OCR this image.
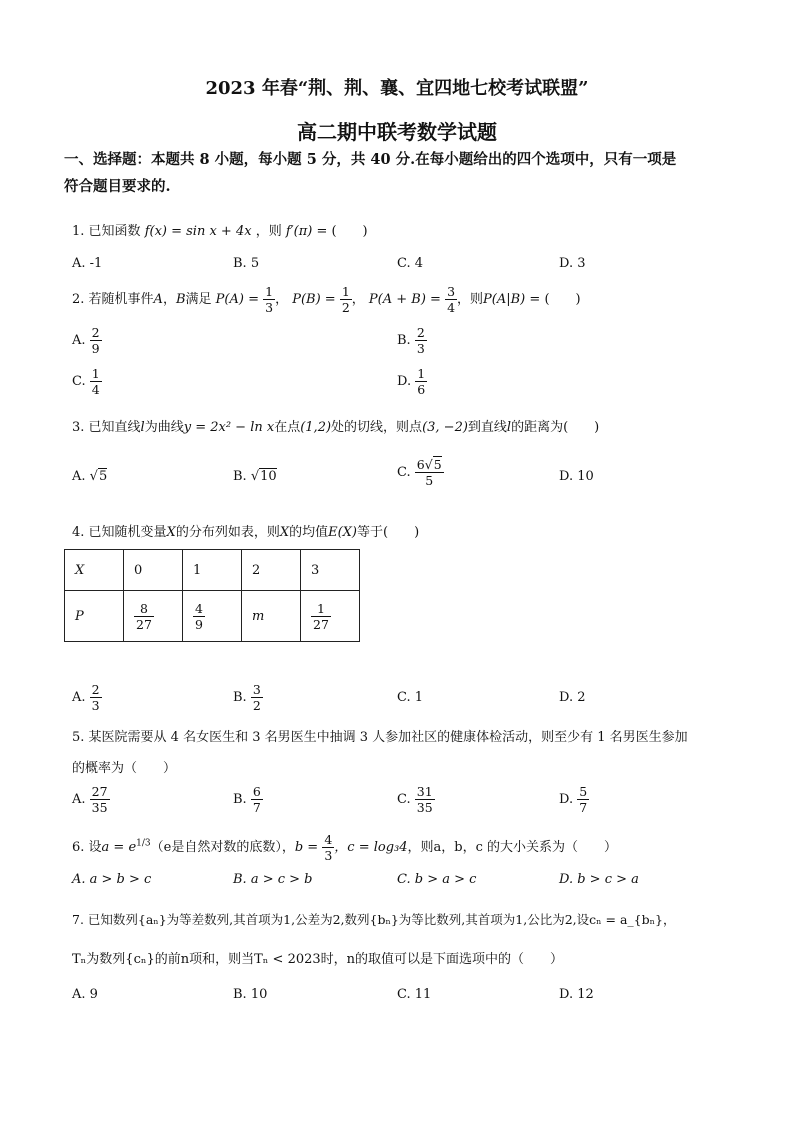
2023 年春“荆、荆、襄、宜四地七校考试联盟”
高二期中联考数学试题
一、选择题：本题共 8 小题，每小题 5 分，共 40 分.在每小题给出的四个选项中，只有一项是
符合题目要求的.
1. 已知函数 f(x) = sin x + 4x ，则 f′(π) = (　　)
A. -1	B. 5	C. 4	D. 3
2. 若随机事件A，B满足 $P(A) = \frac{1}{3}$ ， $P(B) = \frac{1}{2}$ ， $P(A + B) = \frac{3}{4}$ ，则P(A|B) = (　　)
A. $\frac{2}{9}$	B. $\frac{2}{3}$
C. $\frac{1}{4}$	D. $\frac{1}{6}$
3. 已知直线l为曲线y = 2x² − ln x在点(1,2)处的切线，则点(3, −2)到直线l的距离为(　　)
A. √5	B. √10	C. $\frac{6√5}{5}$	D. 10
4. 已知随机变量X的分布列如表，则X的均值E(X)等于(　　)
X	0	1	2	3
P	$\frac{8}{27}$	$\frac{4}{9}$	m	$\frac{1}{27}$
A. $\frac{2}{3}$	B. $\frac{3}{2}$	C. 1	D. 2
5. 某医院需要从 4 名女医生和 3 名男医生中抽调 3 人参加社区的健康体检活动，则至少有 1 名男医生参加
的概率为（　　）
A. $\frac{27}{35}$	B. $\frac{6}{7}$	C. $\frac{31}{35}$	D. $\frac{5}{7}$
6. 设$a = e^{1/3}(e$是自然对数的底数），$b = \frac{4}{3}$ ，c = log₃4，则a，b，c 的大小关系为（　　）
A. a > b > c	B. a > c > b	C. b > a > c	D. b > c > a
7. 已知数列{aₙ}为等差数列,其首项为1,公差为2,数列{bₙ}为等比数列,其首项为1,公比为2,设cₙ = a_{bₙ}，
Tₙ为数列{cₙ}的前n项和，则当Tₙ < 2023时，n的取值可以是下面选项中的（　　）
A. 9	B. 10	C. 11	D. 12
